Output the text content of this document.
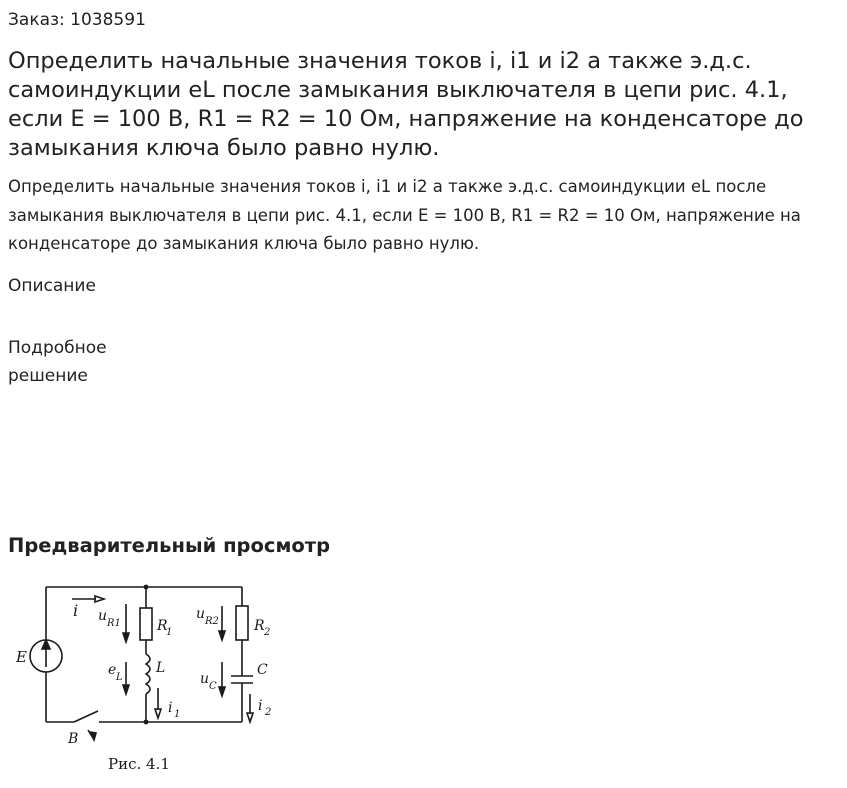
Заказ: 1038591
Определить начальные значения токов i, i1 и i2 а также э.д.с. самоиндукции eL после замыкания выключателя в цепи рис. 4.1, если E = 100 В, R1 = R2 = 10 Ом, напряжение на конденсаторе до замыкания ключа было равно нулю.

Определить начальные значения токов i, i1 и i2 а также э.д.с. самоиндукции eL после замыкания выключателя в цепи рис. 4.1, если E = 100 В, R1 = R2 = 10 Ом, напряжение на конденсаторе до замыкания ключа было равно нулю.

Описание
Подробное решение
Предварительный просмотр
E
i u R1	R
1
u R2	R 2
e L
L
i 1
u C
C
i 2
B
Рис. 4.1
